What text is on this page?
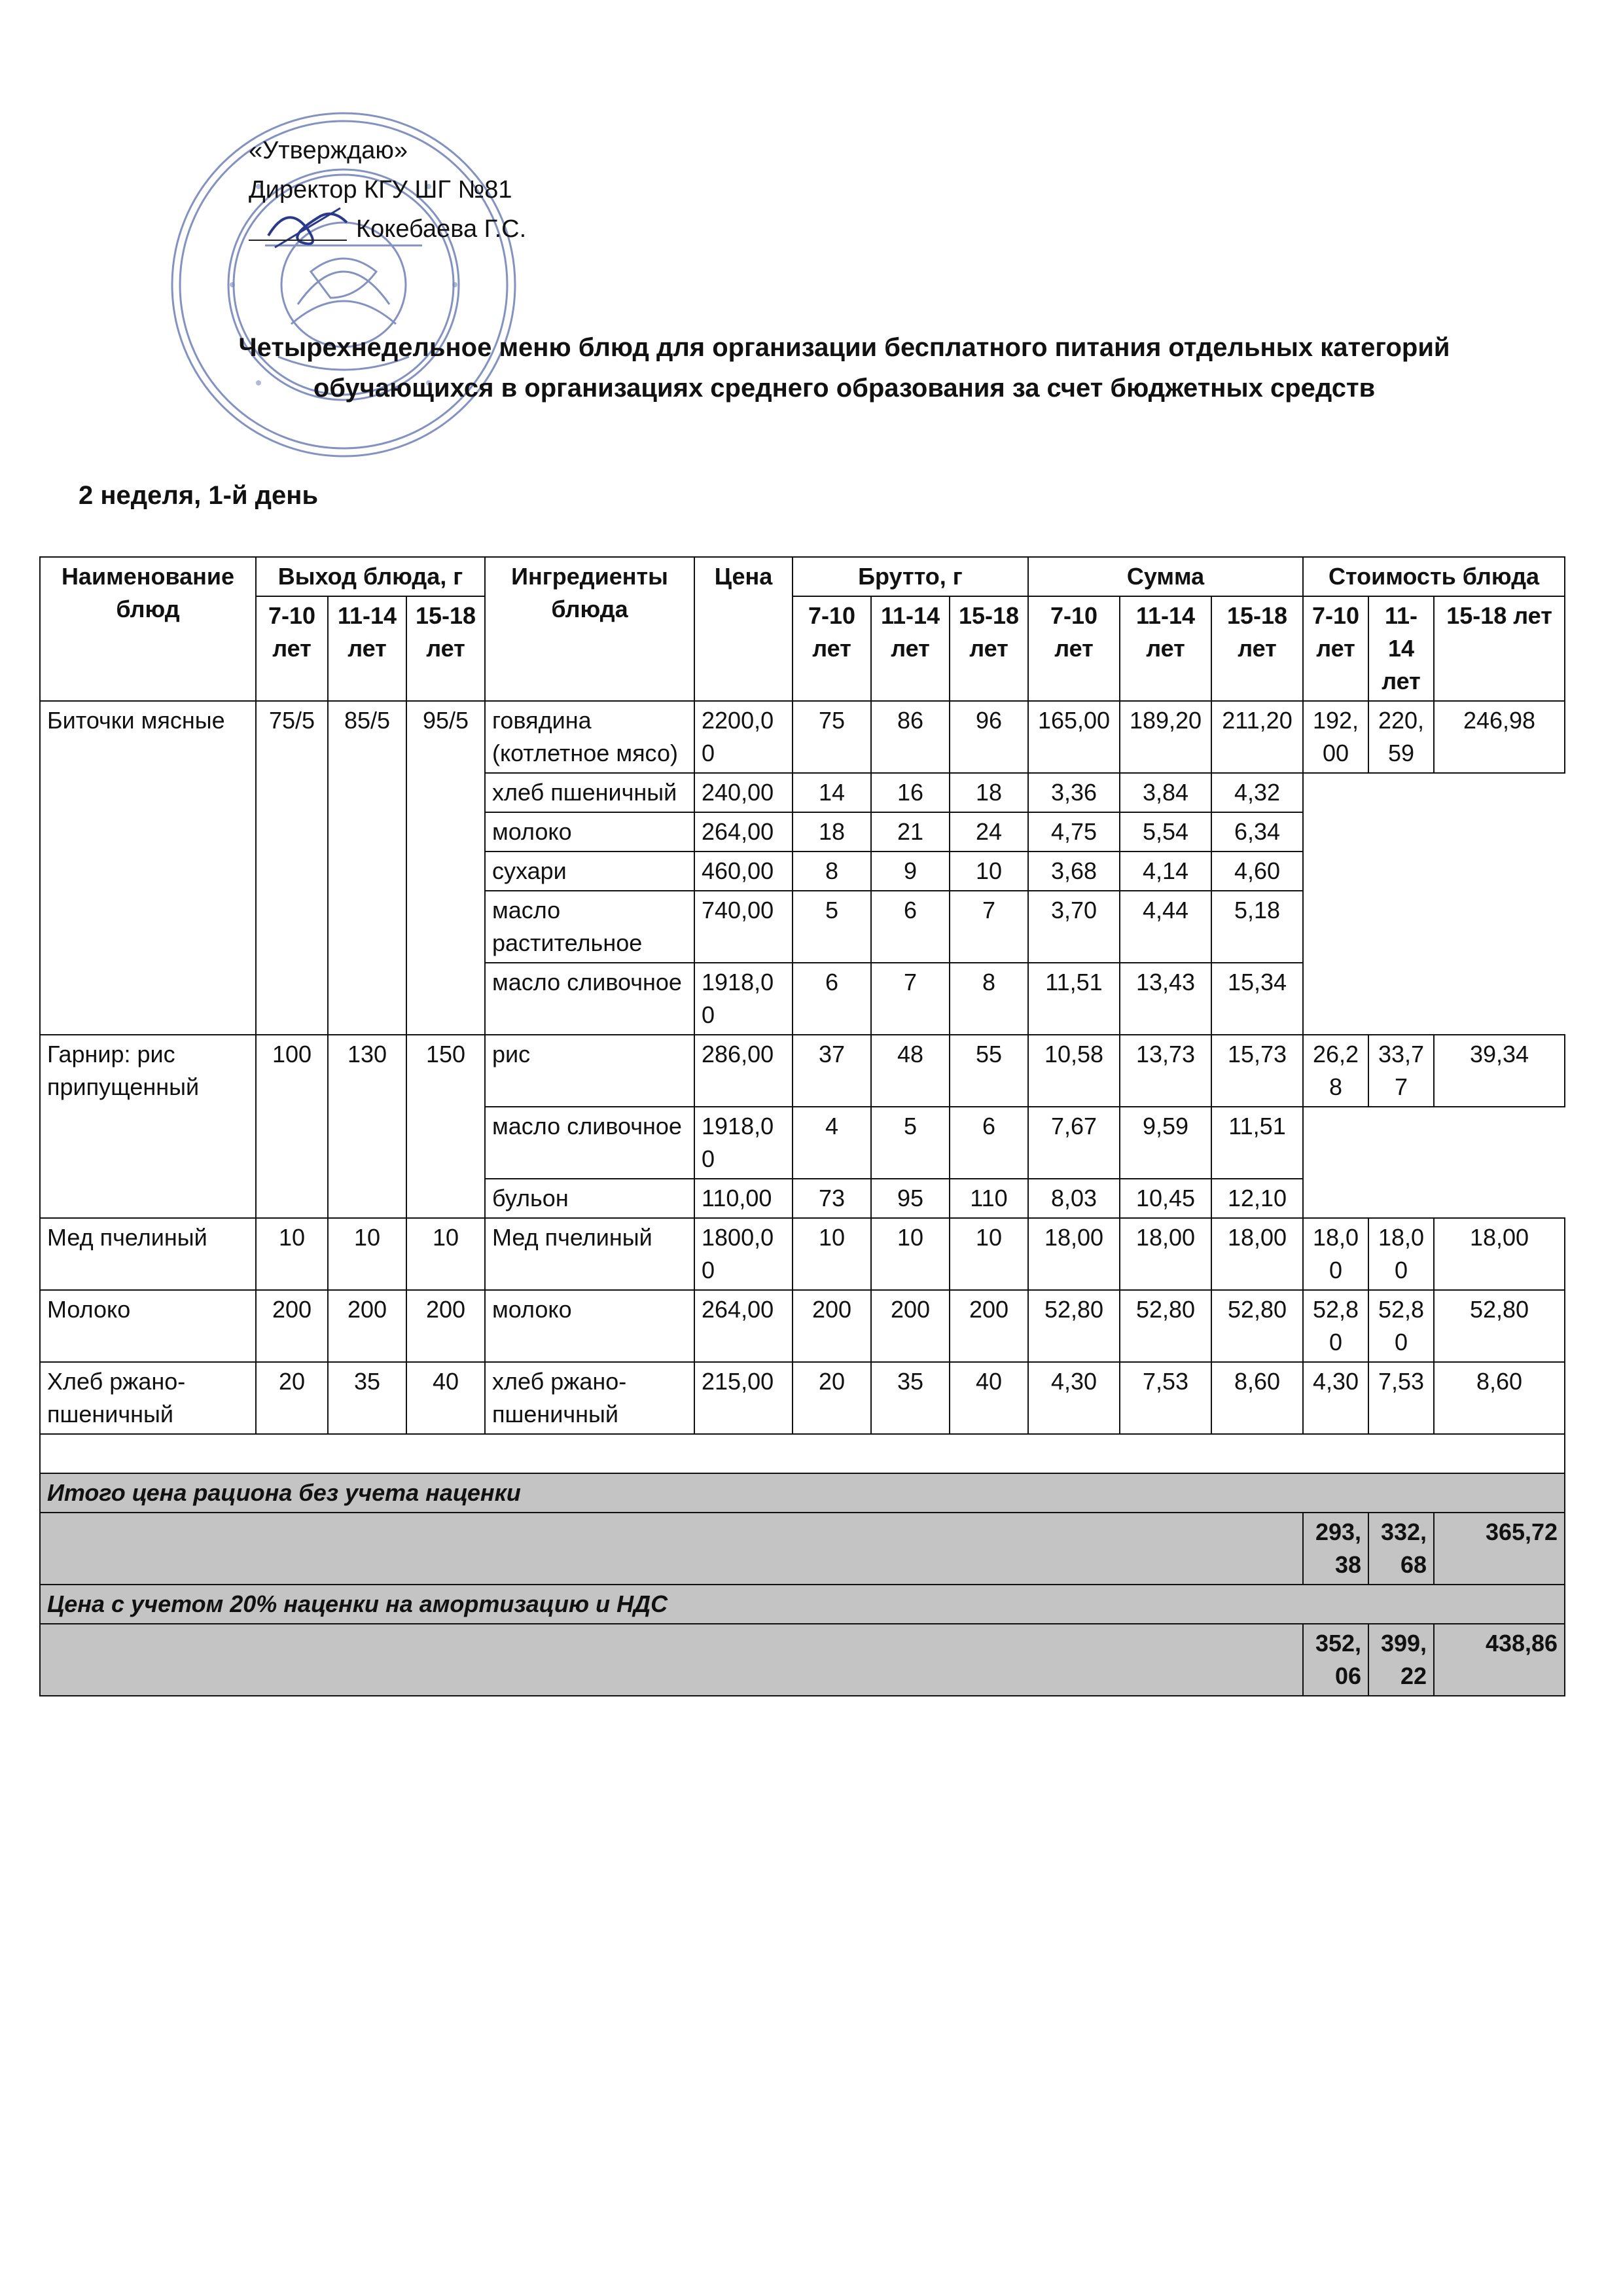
«Утверждаю»
Директор КГУ ШГ №81
Кокебаева Г.С.
Четырехнедельное меню блюд для организации бесплатного питания отдельных категорий обучающихся в организациях среднего образования за счет бюджетных средств
2 неделя, 1-й день
Наименование блюд	Выход блюда, г			Ингредиенты блюда	Цена	Брутто, г			Сумма			Стоимость блюда		
	7-10 лет	11-14 лет	15-18 лет			7-10 лет	11-14 лет	15-18 лет	7-10 лет	11-14 лет	15-18 лет	7-10 лет	11-14 лет	15-18 лет
Биточки мясные	75/5	85/5	95/5	говядина (котлетное мясо)	2200,00	75	86	96	165,00	189,20	211,20	192,00	220,59	246,98
				хлеб пшеничный	240,00	14	16	18	3,36	3,84	4,32			
				молоко	264,00	18	21	24	4,75	5,54	6,34			
				сухари	460,00	8	9	10	3,68	4,14	4,60			
				масло растительное	740,00	5	6	7	3,70	4,44	5,18			
				масло сливочное	1918,00	6	7	8	11,51	13,43	15,34			
Гарнир: рис припущенный	100	130	150	рис	286,00	37	48	55	10,58	13,73	15,73	26,28	33,77	39,34
				масло сливочное	1918,00	4	5	6	7,67	9,59	11,51			
				бульон	110,00	73	95	110	8,03	10,45	12,10			
Мед пчелиный	10	10	10	Мед пчелиный	1800,00	10	10	10	18,00	18,00	18,00	18,00	18,00	18,00
Молоко	200	200	200	молоко	264,00	200	200	200	52,80	52,80	52,80	52,80	52,80	52,80
Хлеб ржано-пшеничный	20	35	40	хлеб ржано-пшеничный	215,00	20	35	40	4,30	7,53	8,60	4,30	7,53	8,60

Итого цена рациона без учета наценки														
												293,38	332,68	365,72
Цена с учетом 20% наценки на амортизацию и НДС														
												352,06	399,22	438,86
